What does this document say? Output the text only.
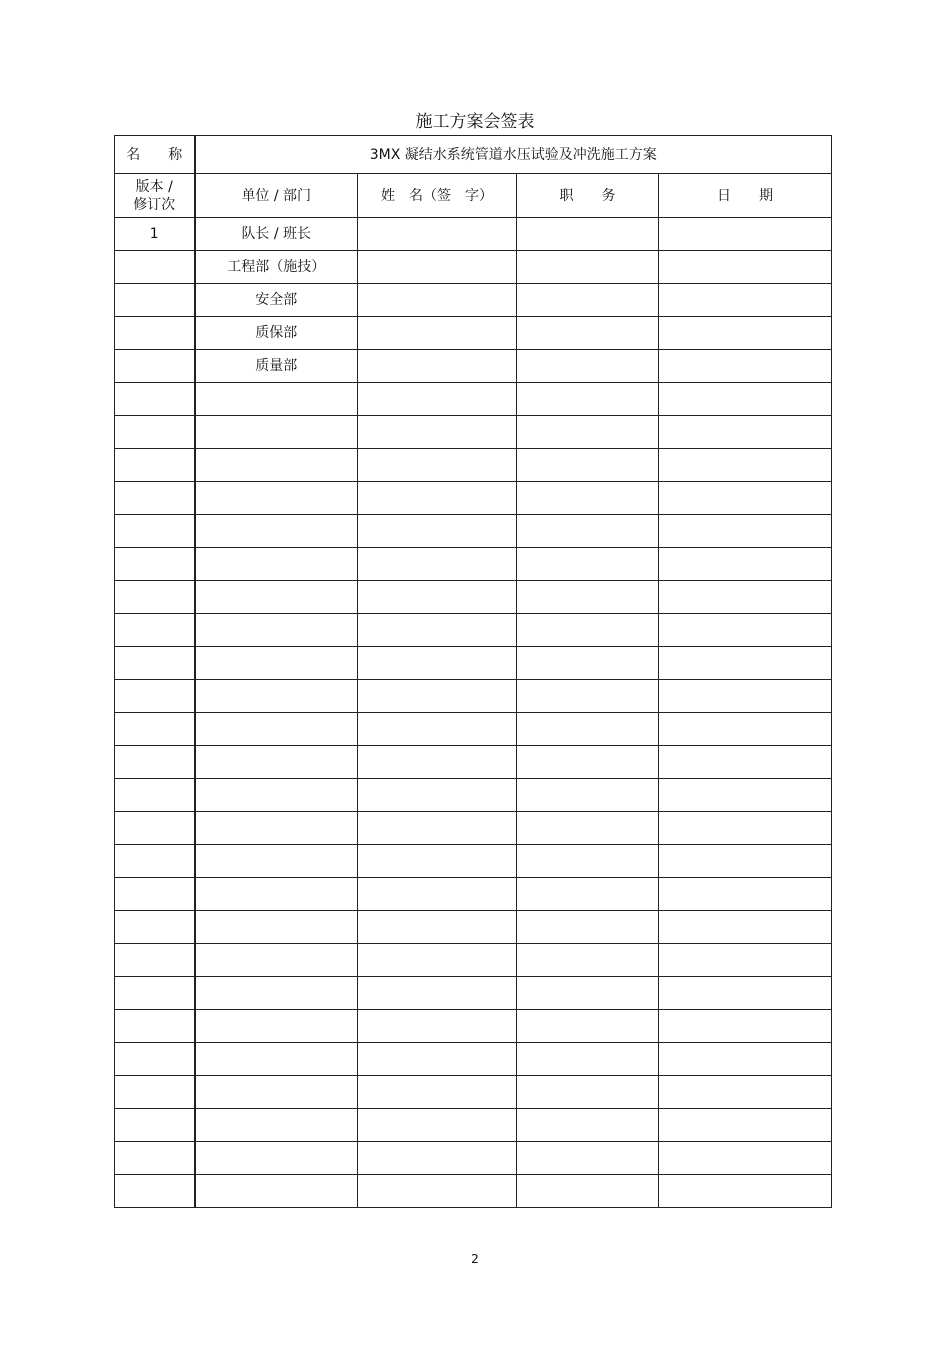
施工方案会签表
名　　称	3MX 凝结水系统管道水压试验及冲洗施工方案			

版本 /
修订次	单位 / 部门	姓　名（签　字）	职　　务	日　　期
1	队长 / 班长			
	工程部（施技）			
	安全部			
	质保部			
	质量部			

2
